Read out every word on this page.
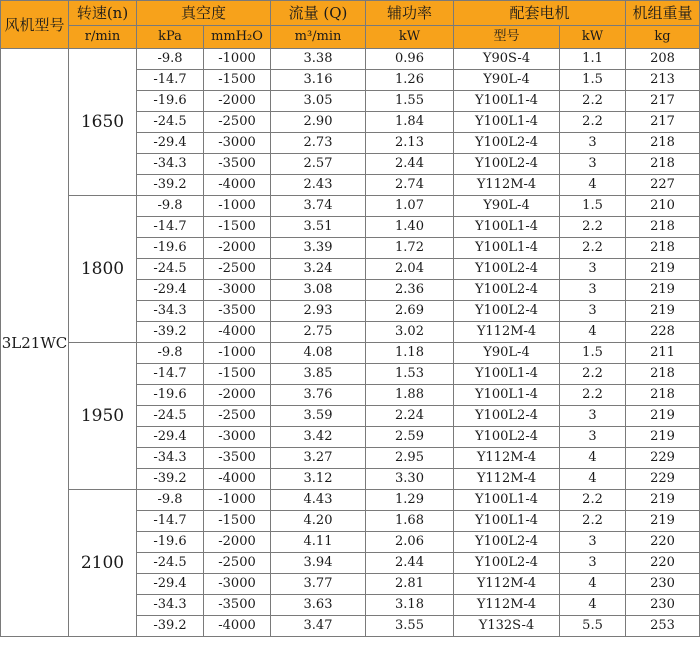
风机型号	转速(n)	真空度		流量 (Q)	辅功率	配套电机		机组重量
	r/min	kPa	mmH₂O	m³/min	kW	型号	kW	kg
3L21WC	1650	-9.8	-1000	3.38	0.96	Y90S-4	1.1	208
		-14.7	-1500	3.16	1.26	Y90L-4	1.5	213
		-19.6	-2000	3.05	1.55	Y100L1-4	2.2	217
		-24.5	-2500	2.90	1.84	Y100L1-4	2.2	217
		-29.4	-3000	2.73	2.13	Y100L2-4	3	218
		-34.3	-3500	2.57	2.44	Y100L2-4	3	218
		-39.2	-4000	2.43	2.74	Y112M-4	4	227
	1800	-9.8	-1000	3.74	1.07	Y90L-4	1.5	210
		-14.7	-1500	3.51	1.40	Y100L1-4	2.2	218
		-19.6	-2000	3.39	1.72	Y100L1-4	2.2	218
		-24.5	-2500	3.24	2.04	Y100L2-4	3	219
		-29.4	-3000	3.08	2.36	Y100L2-4	3	219
		-34.3	-3500	2.93	2.69	Y100L2-4	3	219
		-39.2	-4000	2.75	3.02	Y112M-4	4	228
	1950	-9.8	-1000	4.08	1.18	Y90L-4	1.5	211
		-14.7	-1500	3.85	1.53	Y100L1-4	2.2	218
		-19.6	-2000	3.76	1.88	Y100L1-4	2.2	218
		-24.5	-2500	3.59	2.24	Y100L2-4	3	219
		-29.4	-3000	3.42	2.59	Y100L2-4	3	219
		-34.3	-3500	3.27	2.95	Y112M-4	4	229
		-39.2	-4000	3.12	3.30	Y112M-4	4	229
	2100	-9.8	-1000	4.43	1.29	Y100L1-4	2.2	219
		-14.7	-1500	4.20	1.68	Y100L1-4	2.2	219
		-19.6	-2000	4.11	2.06	Y100L2-4	3	220
		-24.5	-2500	3.94	2.44	Y100L2-4	3	220
		-29.4	-3000	3.77	2.81	Y112M-4	4	230
		-34.3	-3500	3.63	3.18	Y112M-4	4	230
		-39.2	-4000	3.47	3.55	Y132S-4	5.5	253
